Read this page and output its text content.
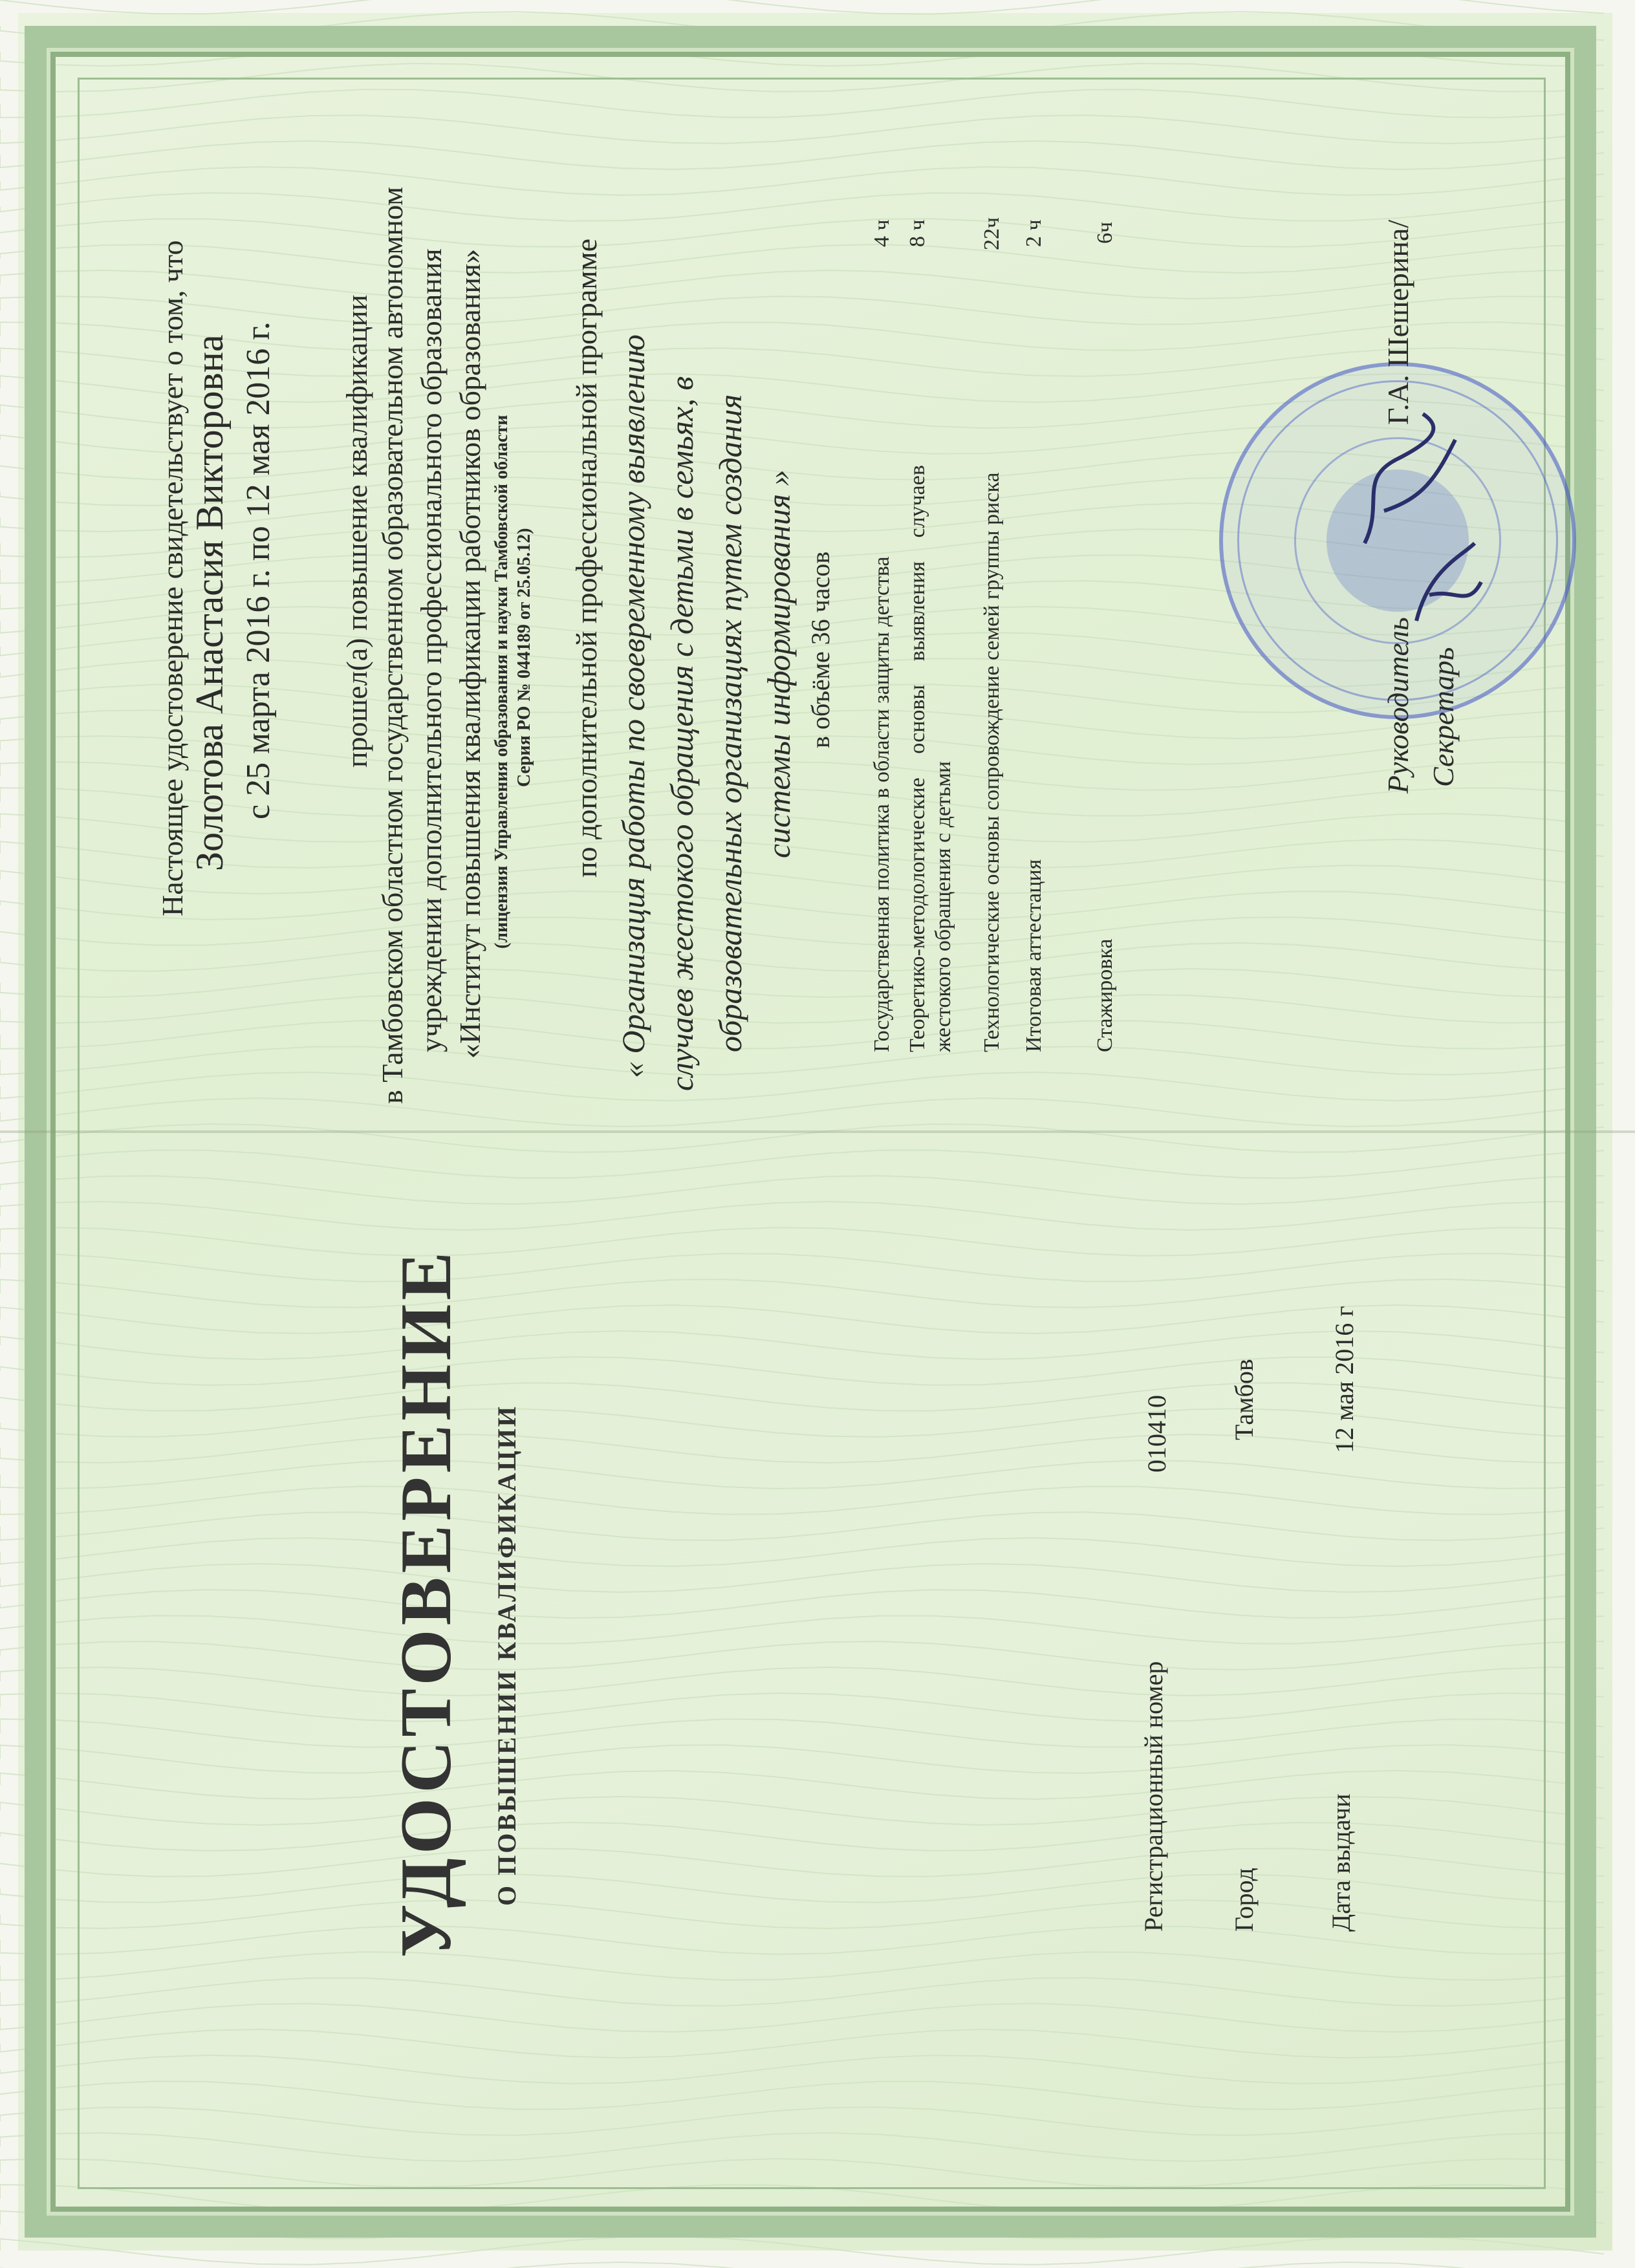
УДОСТОВЕРЕНИЕ О ПОВЫШЕНИИ КВАЛИФИКАЦИИ	Регистрационный номер
010410
Город
Тамбов
Дата выдачи
12 мая 2016 г
Настоящее удостоверение свидетельствует о том, что Золотова Анастасия Викторовна с 25 марта 2016 г. по 12 мая 2016 г. прошел(а) повышение квалификации в Тамбовском областном государственном образовательном автономном учреждении дополнительного профессионального образования «Институт повышения квалификации работников образования» (лицензия Управления образования и науки Тамбовской области Серия РО № 044189 от 25.05.12) по дополнительной профессиональной программе « Организация работы по своевременному выявлению случаев жестокого обращения с детьми в семьях, в образовательных организациях путем создания системы информирования » в объёме 36 часов Государственная политика в области защиты детства
4 ч
Теоретико-методологические основы выявления случаев жестокого обращения с детьми
8 ч
Технологические основы сопровождение семей группы риска
22ч
Итоговая аттестация
2 ч
Стажировка
6ч
Руководитель
Г.А. Шешерина/
Секретарь
